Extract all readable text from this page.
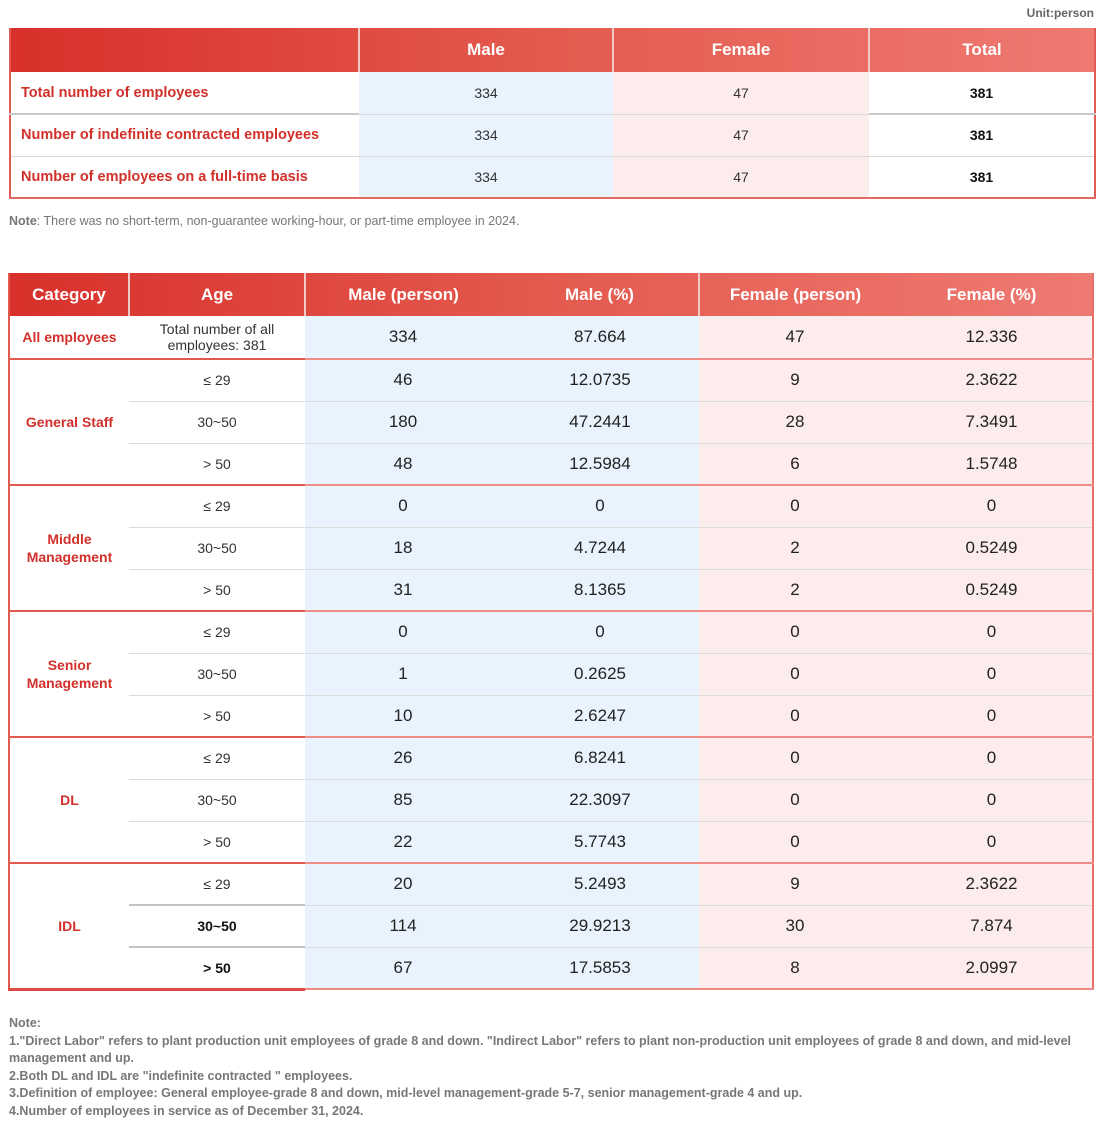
Unit:person
	Male	Female	Total
Total number of employees	334	47	381
Number of indefinite contracted employees	334	47	381
Number of employees on a full-time basis	334	47	381
Note: There was no short-term, non-guarantee working-hour, or part-time employee in 2024.
Category	Age	Male (person)	Male (%)	Female (person)	Female (%)
All employees	Total number of all employees: 381	334	87.664	47	12.336
General Staff	≤ 29	46	12.0735	9	2.3622
	30~50	180	47.2441	28	7.3491
	> 50	48	12.5984	6	1.5748
Middle Management	≤ 29	0	0	0	0
	30~50	18	4.7244	2	0.5249
	> 50	31	8.1365	2	0.5249
Senior Management	≤ 29	0	0	0	0
	30~50	1	0.2625	0	0
	> 50	10	2.6247	0	0
DL	≤ 29	26	6.8241	0	0
	30~50	85	22.3097	0	0
	> 50	22	5.7743	0	0
IDL	≤ 29	20	5.2493	9	2.3622
	30~50	114	29.9213	30	7.874
	> 50	67	17.5853	8	2.0997
Note:
1."Direct Labor" refers to plant production unit employees of grade 8 and down. "Indirect Labor" refers to plant non-production unit employees of grade 8 and down, and mid-level management and up.
2.Both DL and IDL are "indefinite contracted " employees.
3.Definition of employee: General employee-grade 8 and down, mid-level management-grade 5-7, senior management-grade 4 and up.
4.Number of employees in service as of December 31, 2024.
